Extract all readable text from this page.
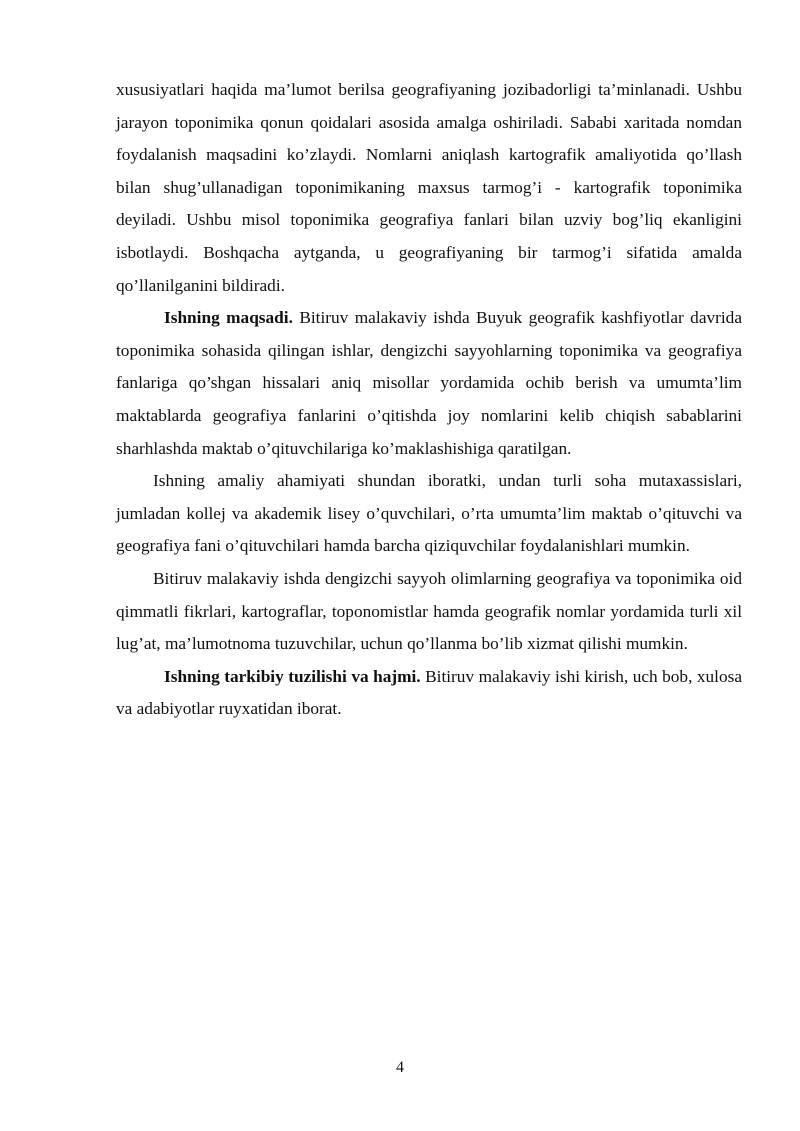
xususiyatlari haqida ma’lumot berilsa geografiyaning jozibadorligi ta’minlanadi. Ushbu jarayon toponimika qonun qoidalari asosida amalga oshiriladi. Sababi xaritada nomdan foydalanish maqsadini ko’zlaydi. Nomlarni aniqlash kartografik amaliyotida qo’llash bilan shug’ullanadigan toponimikaning maxsus tarmog’i - kartografik toponimika deyiladi. Ushbu misol toponimika geografiya fanlari bilan uzviy bog’liq ekanligini isbotlaydi. Boshqacha aytganda, u geografiyaning bir tarmog’i sifatida amalda qo’llanilganini bildiradi.

Ishning maqsadi. Bitiruv malakaviy ishda Buyuk geografik kashfiyotlar davrida toponimika sohasida qilingan ishlar, dengizchi sayyohlarning toponimika va geografiya fanlariga qo’shgan hissalari aniq misollar yordamida ochib berish va umumta’lim maktablarda geografiya fanlarini o’qitishda joy nomlarini kelib chiqish sabablarini sharhlashda maktab o’qituvchilariga ko’maklashishiga qaratilgan.

Ishning amaliy ahamiyati shundan iboratki, undan turli soha mutaxassislari, jumladan kollej va akademik lisey o’quvchilari, o’rta umumta’lim maktab o’qituvchi va geografiya fani o’qituvchilari hamda barcha qiziquvchilar foydalanishlari mumkin.

Bitiruv malakaviy ishda dengizchi sayyoh olimlarning geografiya va toponimika oid qimmatli fikrlari, kartograflar, toponomistlar hamda geografik nomlar yordamida turli xil lug’at, ma’lumotnoma tuzuvchilar, uchun qo’llanma bo’lib xizmat qilishi mumkin.

Ishning tarkibiy tuzilishi va hajmi. Bitiruv malakaviy ishi kirish, uch bob, xulosa va adabiyotlar ruyxatidan iborat.

4
